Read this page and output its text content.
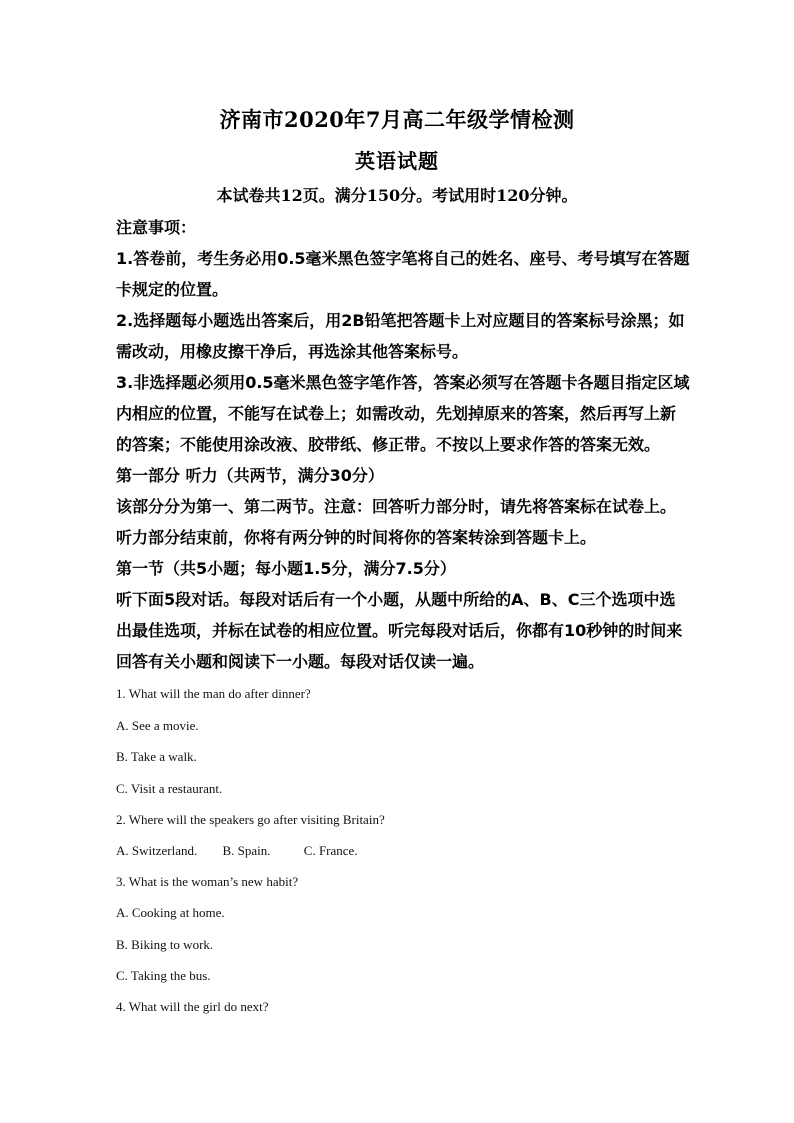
济南市2020年7月高二年级学情检测
英语试题
本试卷共12页。满分150分。考试用时120分钟。
注意事项：
1.答卷前，考生务必用0.5毫米黑色签字笔将自己的姓名、座号、考号填写在答题
卡规定的位置。
2.选择题每小题选出答案后，用2B铅笔把答题卡上对应题目的答案标号涂黑；如
需改动，用橡皮擦干净后，再选涂其他答案标号。
3.非选择题必须用0.5毫米黑色签字笔作答，答案必须写在答题卡各题目指定区域
内相应的位置，不能写在试卷上；如需改动，先划掉原来的答案，然后再写上新
的答案；不能使用涂改液、胶带纸、修正带。不按以上要求作答的答案无效。
第一部分 听力（共两节，满分30分）
该部分分为第一、第二两节。注意：回答听力部分时，请先将答案标在试卷上。
听力部分结束前，你将有两分钟的时间将你的答案转涂到答题卡上。
第一节（共5小题；每小题1.5分，满分7.5分）
听下面5段对话。每段对话后有一个小题，从题中所给的A、B、C三个选项中选
出最佳选项，并标在试卷的相应位置。听完每段对话后，你都有10秒钟的时间来
回答有关小题和阅读下一小题。每段对话仅读一遍。
1. What will the man do after dinner?
A. See a movie.
B. Take a walk.
C. Visit a restaurant.
2. Where will the speakers go after visiting Britain?
A. Switzerland. B. Spain.	C. France.
3. What is the woman’s new habit?
A. Cooking at home.
B. Biking to work.
C. Taking the bus.
4. What will the girl do next?
